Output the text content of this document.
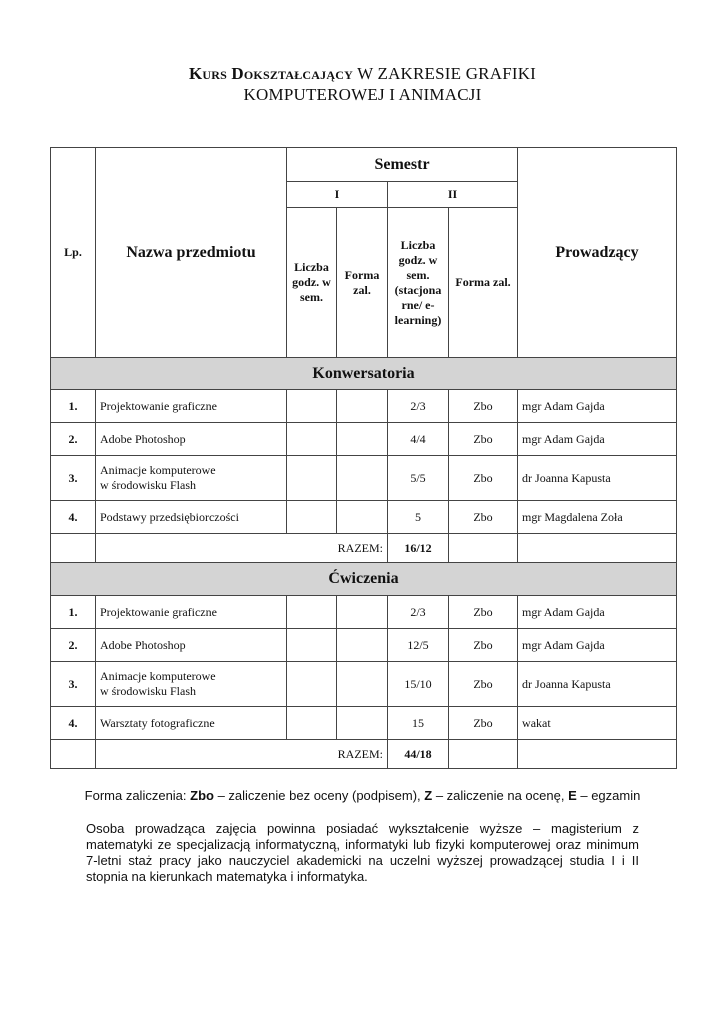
Kurs Dokształcający W ZAKRESIE GRAFIKI
KOMPUTEROWEJ I ANIMACJI
Lp.	Nazwa przedmiotu	Semestr				Prowadzący
		I		II		
		Liczba godz. w sem.	Forma zal.	Liczba godz. w sem. (stacjona rne/ e-learning)	Forma zal.	
Konwersatoria						
1.	Projektowanie graficzne			2/3	Zbo	mgr Adam Gajda
2.	Adobe Photoshop			4/4	Zbo	mgr Adam Gajda
3.	Animacje komputerowe
w środowisku Flash			5/5	Zbo	dr Joanna Kapusta
4.	Podstawy przedsiębiorczości			5	Zbo	mgr Magdalena Zoła
	RAZEM:			16/12		
Ćwiczenia						
1.	Projektowanie graficzne			2/3	Zbo	mgr Adam Gajda
2.	Adobe Photoshop			12/5	Zbo	mgr Adam Gajda
3.	Animacje komputerowe
w środowisku Flash			15/10	Zbo	dr Joanna Kapusta
4.	Warsztaty fotograficzne			15	Zbo	wakat
	RAZEM:			44/18		
Forma zaliczenia: Zbo – zaliczenie bez oceny (podpisem), Z – zaliczenie na ocenę, E – egzamin
Osoba prowadząca zajęcia powinna posiadać wykształcenie wyższe – magisterium z matematyki ze specjalizacją informatyczną, informatyki lub fizyki komputerowej oraz minimum 7-letni staż pracy jako nauczyciel akademicki na uczelni wyższej prowadzącej studia I i II stopnia na kierunkach matematyka i informatyka.
